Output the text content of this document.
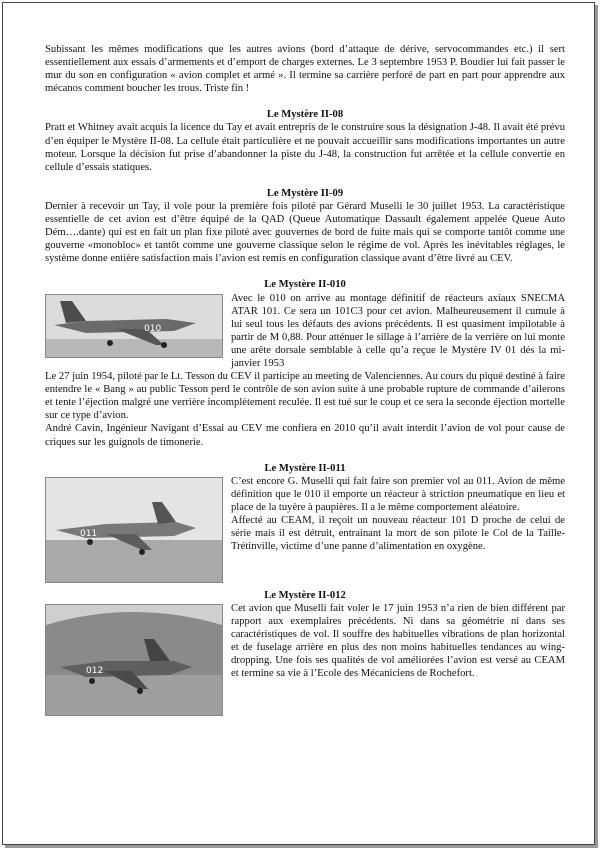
Subissant les mêmes modifications que les autres avions (bord d’attaque de dérive, servocommandes etc.) il sert essentiellement aux essais d’armements et d’emport de charges externes. Le 3 septembre 1953 P. Boudier lui fait passer le mur du son en configuration « avion complet et armé ». Il termine sa carrière perforé de part en part pour apprendre aux mécanos comment boucher les trous. Triste fin !

Le Mystère II-08

Pratt et Whitney avait acquis la licence du Tay et avait entrepris de le construire sous la désignation J-48. Il avait été prévu d’en équiper le Mystère II-08. La cellule était particulière et ne pouvait accueillir sans modifications importantes un autre moteur. Lorsque la décision fut prise d’abandonner la piste du J-48, la construction fut arrêtée et la cellule convertie en cellule d’essais statiques.

Le Mystère II-09

Dernier à recevoir un Tay, il vole pour la première fois piloté par Gérard Muselli le 30 juillet 1953. La caractéristique essentielle de cet avion est d’être équipé de la QAD (Queue Automatique Dassault également appelée Queue Auto Dém….dante) qui est en fait un plan fixe piloté avec gouvernes de bord de fuite mais qui se comporte tantôt comme une gouverne «monobloc» et tantôt comme une gouverne classique selon le régime de vol. Après les inévitables réglages, le système donne entière satisfaction mais l’avion est remis en configuration classique avant d’être livré au CEV.

Le Mystère II-010
010

Avec le 010 on arrive au montage définitif de réacteurs axiaux SNECMA ATAR 101. Ce sera un 101C3 pour cet avion. Malheureusement il cumule à lui seul tous les défauts des avions précédents. Il est quasiment impilotable à partir de M 0,88. Pour atténuer le sillage à l’arrière de la verrière on lui monte une arête dorsale semblable à celle qu’a reçue le Mystère IV 01 dés la mi-janvier 1953

Le 27 juin 1954, piloté par le Lt. Tesson du CEV il participe au meeting de Valenciennes. Au cours du piqué destiné à faire entendre le « Bang » au public Tesson perd le contrôle de son avion suite à une probable rupture de commande d’ailerons et tente l’éjection malgré une verrière incomplètement reculée. Il est tué sur le coup et ce sera la seconde éjection mortelle sur ce type d’avion.

André Cavin, Ingénieur Navigant d’Essai au CEV me confiera en 2010 qu’il avait interdit l’avion de vol pour cause de criques sur les guignols de timonerie.

Le Mystère II-011
011

C’est encore G. Muselli qui fait faire son premier vol au 011. Avion de même définition que le 010 il emporte un réacteur à striction pneumatique en lieu et place de la tuyère à paupières. Il a le même comportement aléatoire.

Affecté au CEAM, il reçoit un nouveau réacteur 101 D proche de celui de série mais il est détruit, entrainant la mort de son pilote le Col de la Taille-Trétinville, victime d’une panne d’alimentation en oxygène.

Le Mystère II-012
012

Cet avion que Muselli fait voler le 17 juin 1953 n’a rien de bien différent par rapport aux exemplaires précédents. Ni dans sa géométrie ni dans ses caractéristiques de vol. Il souffre des habituelles vibrations de plan horizontal et de fuselage arrière en plus des non moins habituelles tendances au wing-dropping. Une fois ses qualités de vol améliorées l’avion est versé au CEAM et termine sa vie à l’Ecole des Mécaniciens de Rochefort.
